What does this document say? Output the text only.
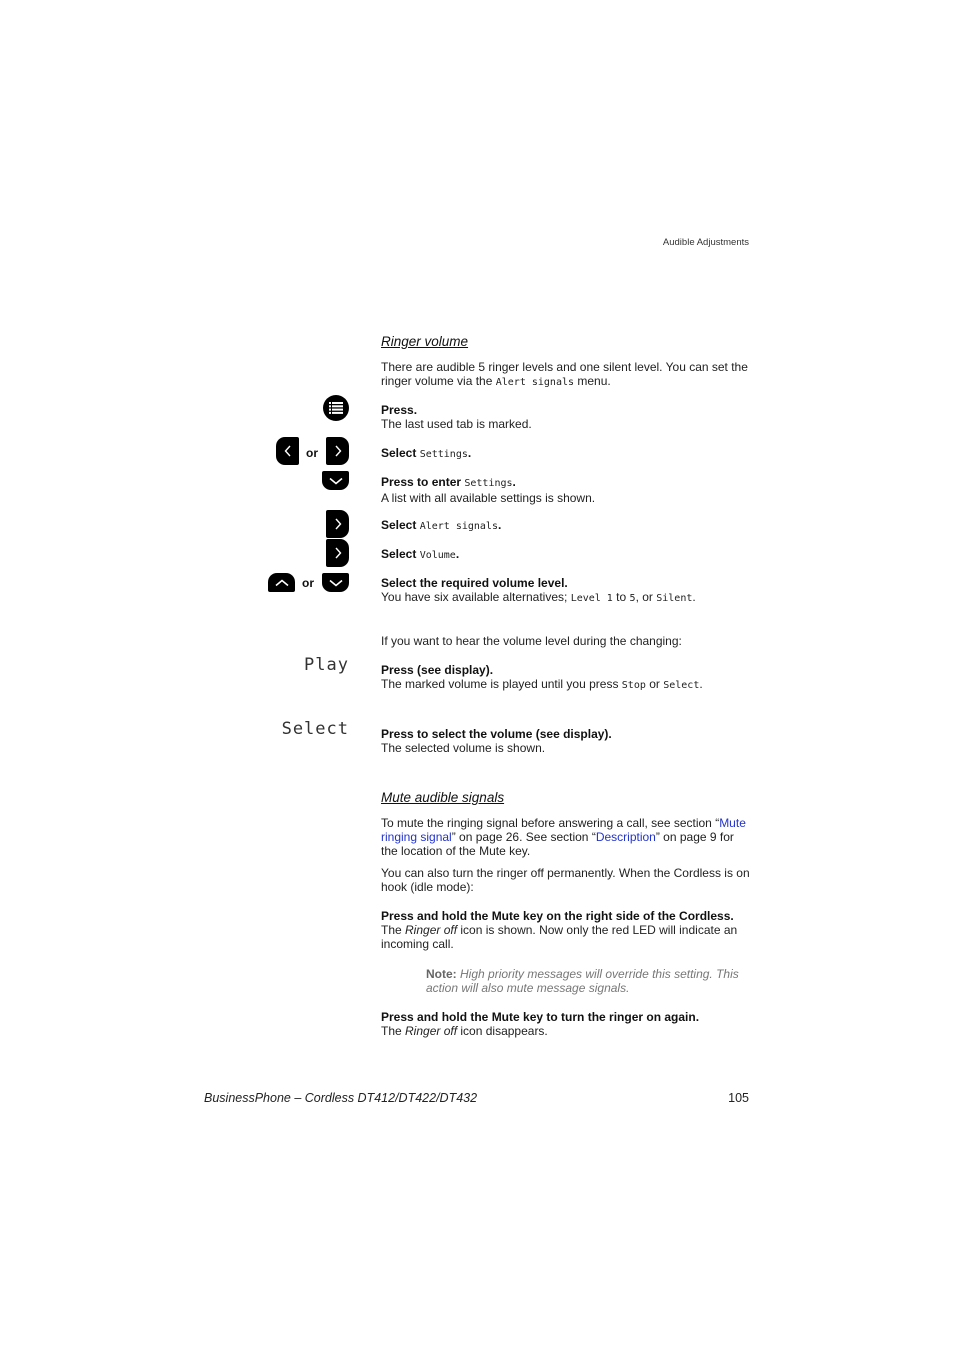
Audible Adjustments
Ringer volume
There are audible 5 ringer levels and one silent level. You can set the ringer volume via the Alert signals menu.

Press.

The last used tab is marked.

or	Select Settings.

Press to enter Settings.

A list with all available settings is shown.

Select Alert signals.
Select Volume.
or	Select the required volume level.

You have six available alternatives; Level 1 to 5, or Silent.

If you want to hear the volume level during the changing:
Play	Press (see display).

The marked volume is played until you press Stop or Select.

Select	Press to select the volume (see display).

The selected volume is shown.

Mute audible signals
To mute the ringing signal before answering a call, see section “Mute ringing signal” on page 26. See section “Description” on page 9 for the location of the Mute key.
You can also turn the ringer off permanently. When the Cordless is on hook (idle mode):

Press and hold the Mute key on the right side of the Cordless.

The Ringer off icon is shown. Now only the red LED will indicate an incoming call.

Note: High priority messages will override this setting. This action will also mute message signals.

Press and hold the Mute key to turn the ringer on again.

The Ringer off icon disappears.

BusinessPhone – Cordless DT412/DT422/DT432	105
